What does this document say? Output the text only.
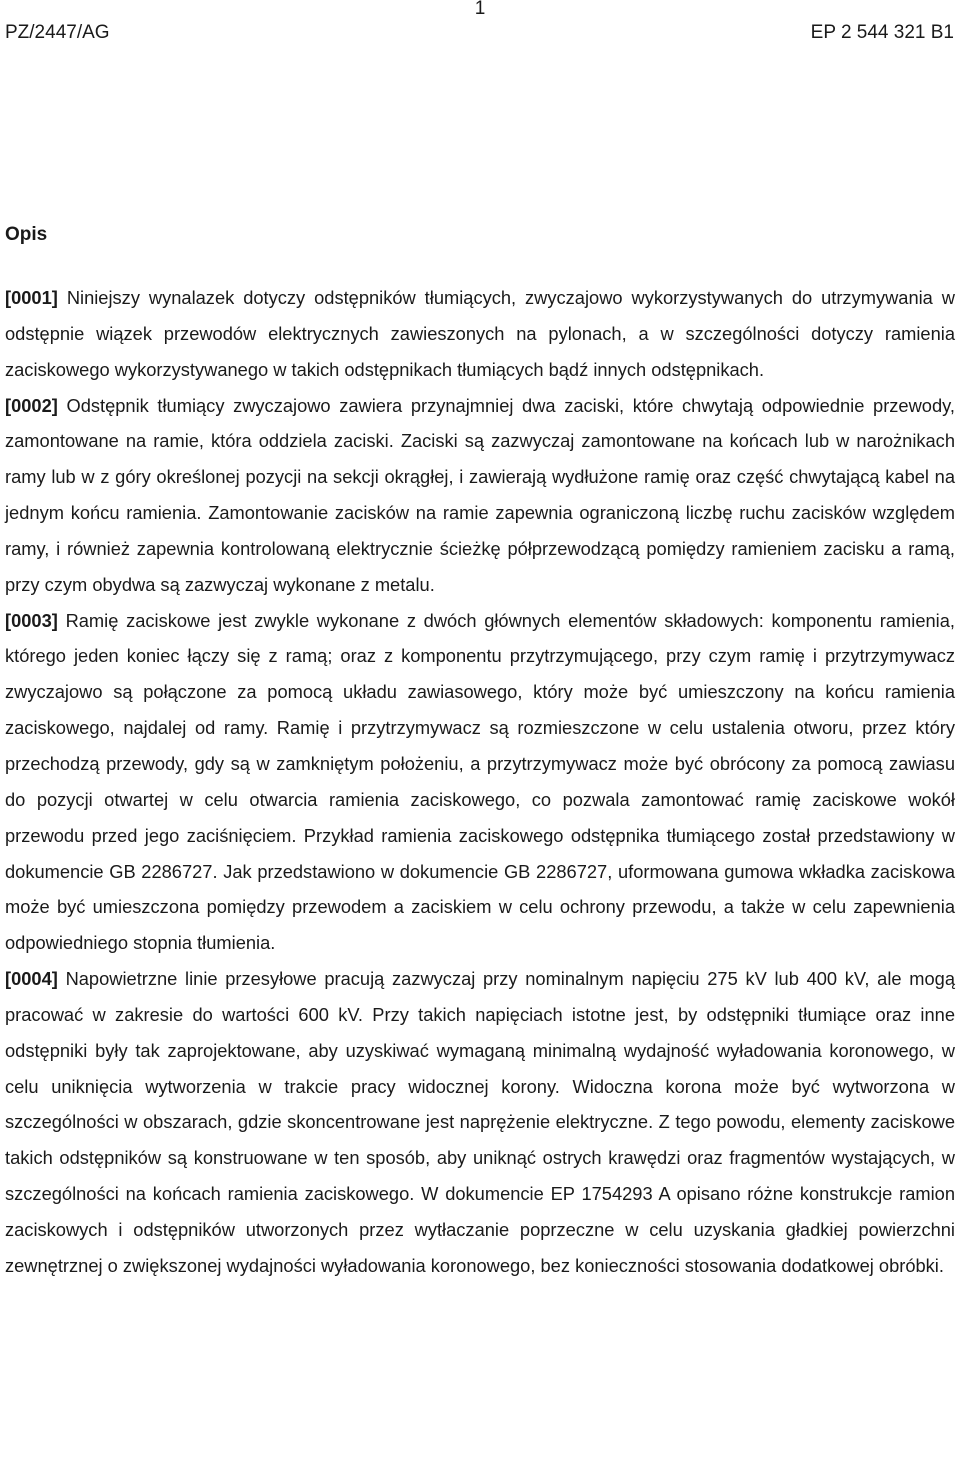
1
PZ/2447/AG	EP 2 544 321 B1
Opis

[0001] Niniejszy wynalazek dotyczy odstępników tłumiących, zwyczajowo wykorzystywanych do utrzymywania w odstępnie wiązek przewodów elektrycznych zawieszonych na pylonach, a w szczególności dotyczy ramienia zaciskowego wykorzystywanego w takich odstępnikach tłumiących bądź innych odstępnikach.

[0002] Odstępnik tłumiący zwyczajowo zawiera przynajmniej dwa zaciski, które chwytają odpowiednie przewody, zamontowane na ramie, która oddziela zaciski. Zaciski są zazwyczaj zamontowane na końcach lub w narożnikach ramy lub w z góry określonej pozycji na sekcji okrągłej, i zawierają wydłużone ramię oraz część chwytającą kabel na jednym końcu ramienia. Zamontowanie zacisków na ramie zapewnia ograniczoną liczbę ruchu zacisków względem ramy, i również zapewnia kontrolowaną elektrycznie ścieżkę półprzewodzącą pomiędzy ramieniem zacisku a ramą, przy czym obydwa są zazwyczaj wykonane z metalu.

[0003] Ramię zaciskowe jest zwykle wykonane z dwóch głównych elementów składowych: komponentu ramienia, którego jeden koniec łączy się z ramą; oraz z komponentu przytrzymującego, przy czym ramię i przytrzymywacz zwyczajowo są połączone za pomocą układu zawiasowego, który może być umieszczony na końcu ramienia zaciskowego, najdalej od ramy. Ramię i przytrzymywacz są rozmieszczone w celu ustalenia otworu, przez który przechodzą przewody, gdy są w zamkniętym położeniu, a przytrzymywacz może być obrócony za pomocą zawiasu do pozycji otwartej w celu otwarcia ramienia zaciskowego, co pozwala zamontować ramię zaciskowe wokół przewodu przed jego zaciśnięciem. Przykład ramienia zaciskowego odstępnika tłumiącego został przedstawiony w dokumencie GB 2286727. Jak przedstawiono w dokumencie GB 2286727, uformowana gumowa wkładka zaciskowa może być umieszczona pomiędzy przewodem a zaciskiem w celu ochrony przewodu, a także w celu zapewnienia odpowiedniego stopnia tłumienia.

[0004] Napowietrzne linie przesyłowe pracują zazwyczaj przy nominalnym napięciu 275 kV lub 400 kV, ale mogą pracować w zakresie do wartości 600 kV. Przy takich napięciach istotne jest, by odstępniki tłumiące oraz inne odstępniki były tak zaprojektowane, aby uzyskiwać wymaganą minimalną wydajność wyładowania koronowego, w celu uniknięcia wytworzenia w trakcie pracy widocznej korony. Widoczna korona może być wytworzona w szczególności w obszarach, gdzie skoncentrowane jest naprężenie elektryczne. Z tego powodu, elementy zaciskowe takich odstępników są konstruowane w ten sposób, aby uniknąć ostrych krawędzi oraz fragmentów wystających, w szczególności na końcach ramienia zaciskowego. W dokumencie EP 1754293 A opisano różne konstrukcje ramion zaciskowych i odstępników utworzonych przez wytłaczanie poprzeczne w celu uzyskania gładkiej powierzchni zewnętrznej o zwiększonej wydajności wyładowania koronowego, bez konieczności stosowania dodatkowej obróbki.
